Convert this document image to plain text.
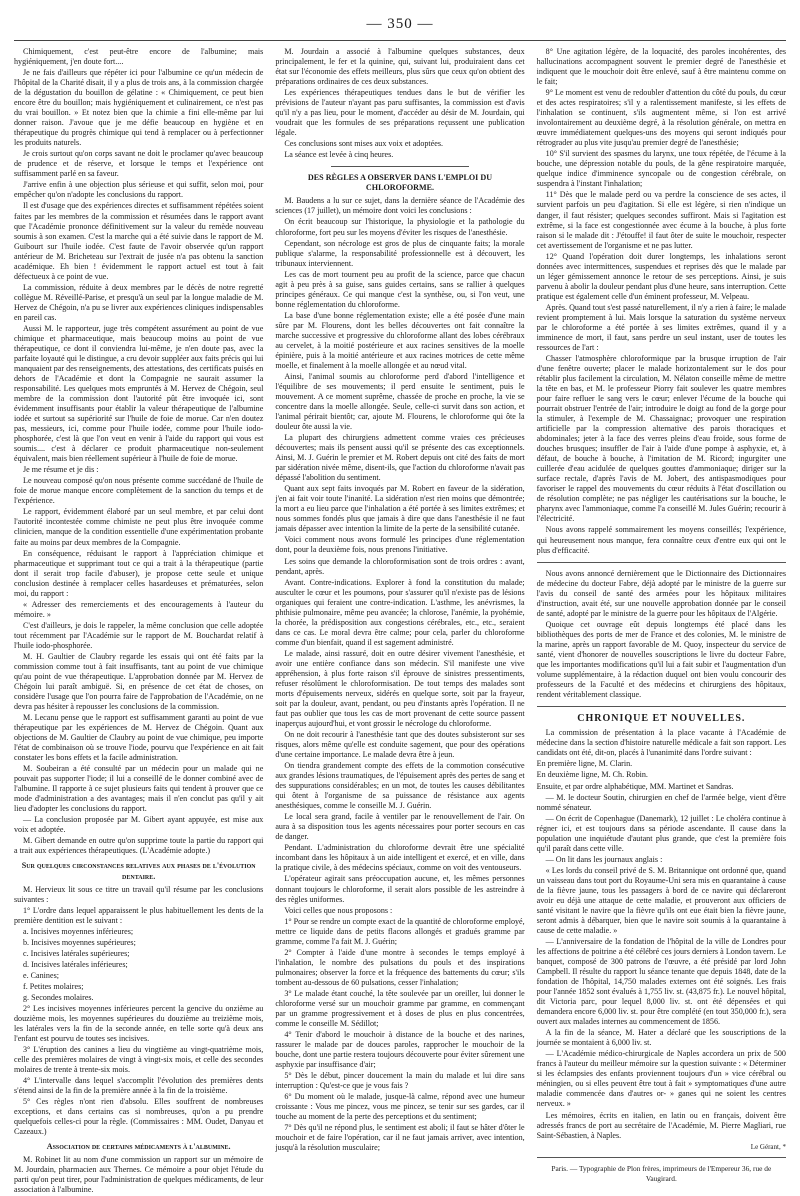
— 350 —

Chimiquement, c'est peut-être encore de l'albumine; mais hygiéniquement, j'en doute fort....

Je ne fais d'ailleurs que répéter ici pour l'albumine ce qu'un médecin de l'hôpital de la Charité disait, il y a plus de trois ans, à la commission chargée de la dégustation du bouillon de gélatine : « Chimiquement, ce peut bien encore être du bouillon; mais hygiéniquement et culinairement, ce n'est pas du vrai bouillon. » Et notez bien que la chimie a fini elle-même par lui donner raison. J'avoue que je me défie beaucoup en hygiène et en thérapeutique du progrès chimique qui tend à remplacer ou à perfectionner les produits naturels.

Je crois surtout qu'on corps savant ne doit le proclamer qu'avec beaucoup de prudence et de réserve, et lorsque le temps et l'expérience ont suffisamment parlé en sa faveur.

J'arrive enfin à une objection plus sérieuse et qui suffit, selon moi, pour empêcher qu'on n'adopte les conclusions du rapport.

Il est d'usage que des expériences directes et suffisamment répétées soient faites par les membres de la commission et résumées dans le rapport avant que l'Académie prononce définitivement sur la valeur du remède nouveau soumis à son examen. C'est la marche qui a été suivie dans le rapport de M. Guibourt sur l'huile iodée. C'est faute de l'avoir observée qu'un rapport antérieur de M. Bricheteau sur l'extrait de jusée n'a pas obtenu la sanction académique. Eh bien ! évidemment le rapport actuel est tout à fait défectueux à ce point de vue.

La commission, réduite à deux membres par le décès de notre regretté collègue M. Réveillé-Parise, et presqu'à un seul par la longue maladie de M. Hervez de Chégoin, n'a pu se livrer aux expériences cliniques indispensables en pareil cas.

Aussi M. le rapporteur, juge très compétent assurément au point de vue chimique et pharmaceutique, mais beaucoup moins au point de vue thérapeutique, ce dont il conviendra lui-même, je n'en doute pas, avec la parfaite loyauté qui le distingue, a cru devoir suppléer aux faits précis qui lui manquaient par des renseignements, des attestations, des certificats puisés en dehors de l'Académie et dont la Compagnie ne saurait assumer la responsabilité. Les quelques mots empruntés à M. Hervez de Chégoin, seul membre de la commission dont l'autorité pût être invoquée ici, sont évidemment insuffisants pour établir la valeur thérapeutique de l'albumine iodée et surtout sa supériorité sur l'huile de foie de morue. Car n'en doutez pas, messieurs, ici, comme pour l'huile iodée, comme pour l'huile iodo-phosphorée, c'est là que l'on veut en venir à l'aide du rapport qui vous est soumis.... c'est à déclarer ce produit pharmaceutique non-seulement équivalent, mais bien réellement supérieur à l'huile de foie de morue.

Je me résume et je dis :

Le nouveau composé qu'on nous présente comme succédané de l'huile de foie de morue manque encore complètement de la sanction du temps et de l'expérience.

Le rapport, évidemment élaboré par un seul membre, et par celui dont l'autorité incontestée comme chimiste ne peut plus être invoquée comme clinicien, manque de la condition essentielle d'une expérimentation probante faite au moins par deux membres de la Compagnie.

En conséquence, réduisant le rapport à l'appréciation chimique et pharmaceutique et supprimant tout ce qui a trait à la thérapeutique (partie dont il serait trop facile d'abuser), je propose cette seule et unique conclusion destinée à remplacer celles hasardeuses et prématurées, selon moi, du rapport :

« Adresser des remerciements et des encouragements à l'auteur du mémoire. »

C'est d'ailleurs, je dois le rappeler, la même conclusion que celle adoptée tout récemment par l'Académie sur le rapport de M. Bouchardat relatif à l'huile iodo-phosphorée.

M. H. Gaultier de Claubry regarde les essais qui ont été faits par la commission comme tout à fait insuffisants, tant au point de vue chimique qu'au point de vue thérapeutique. L'approbation donnée par M. Hervez de Chégoin lui paraît ambiguë. Si, en présence de cet état de choses, on considère l'usage que l'on pourra faire de l'approbation de l'Académie, on ne devra pas hésiter à repousser les conclusions de la commission.

M. Lecanu pense que le rapport est suffisamment garanti au point de vue thérapeutique par les expériences de M. Hervez de Chégoin. Quant aux objections de M. Gaultier de Claubry au point de vue chimique, peu importe l'état de combinaison où se trouve l'iode, pourvu que l'expérience en ait fait constater les bons effets et la facile administration.

M. Soubeiran a été consulté par un médecin pour un malade qui ne pouvait pas supporter l'iode; il lui a conseillé de le donner combiné avec de l'albumine. Il rapporte à ce sujet plusieurs faits qui tendent à prouver que ce mode d'administration a des avantages; mais il n'en conclut pas qu'il y ait lieu d'adopter les conclusions du rapport.

— La conclusion proposée par M. Gibert ayant appuyée, est mise aux voix et adoptée.

M. Gibert demande en outre qu'on supprime toute la partie du rapport qui a trait aux expériences thérapeutiques. (L'Académie adopte.)

Sur quelques circonstances relatives aux phases de l'évolution dentaire.

M. Hervieux lit sous ce titre un travail qu'il résume par les conclusions suivantes :

1° L'ordre dans lequel apparaissent le plus habituellement les dents de la première dentition est le suivant :

a. Incisives moyennes inférieures;

b. Incisives moyennes supérieures;

c. Incisives latérales supérieures;

d. Incisives latérales inférieures;

e. Canines;

f. Petites molaires;

g. Secondes molaires.

2° Les incisives moyennes inférieures percent la gencive du onzième au douzième mois, les moyennes supérieures du douzième au treizième mois, les latérales vers la fin de la seconde année, en telle sorte qu'à deux ans l'enfant est pourvu de toutes ses incisives.

3° L'éruption des canines a lieu du vingtième au vingt-quatrième mois, celle des premières molaires de vingt à vingt-six mois, et celle des secondes molaires de trente à trente-six mois.

4° L'intervalle dans lequel s'accomplit l'évolution des premières dents s'étend ainsi de la fin de la première année à la fin de la troisième.

5° Ces règles n'ont rien d'absolu. Elles souffrent de nombreuses exceptions, et dans certains cas si nombreuses, qu'on a pu prendre quelquefois celles-ci pour la règle. (Commissaires : MM. Oudet, Danyau et Cazeaux.)

Association de certains médicaments à l'albumine.

M. Robinet lit au nom d'une commission un rapport sur un mémoire de M. Jourdain, pharmacien aux Thernes. Ce mémoire a pour objet l'étude du parti qu'on peut tirer, pour l'administration de quelques médicaments, de leur association à l'albumine.

M. Jourdain a associé à l'albumine quelques substances, deux principalement, le fer et la quinine, qui, suivant lui, produiraient dans cet état sur l'économie des effets meilleurs, plus sûrs que ceux qu'on obtient des préparations ordinaires de ces deux substances.

Les expériences thérapeutiques tendues dans le but de vérifier les prévisions de l'auteur n'ayant pas paru suffisantes, la commission est d'avis qu'il n'y a pas lieu, pour le moment, d'accéder au désir de M. Jourdain, qui voudrait que les formules de ses préparations reçussent une publication légale.

Ces conclusions sont mises aux voix et adoptées.

La séance est levée à cinq heures.

DES RÈGLES A OBSERVER DANS L'EMPLOI DU CHLOROFORME.

M. Baudens a lu sur ce sujet, dans la dernière séance de l'Académie des sciences (17 juillet), un mémoire dont voici les conclusions :

On écrit beaucoup sur l'historique, la physiologie et la pathologie du chloroforme, fort peu sur les moyens d'éviter les risques de l'anesthésie.

Cependant, son nécrologe est gros de plus de cinquante faits; la morale publique s'alarme, la responsabilité professionnelle est à découvert, les tribunaux interviennent.

Les cas de mort tournent peu au profit de la science, parce que chacun agit à peu près à sa guise, sans guides certains, sans se rallier à quelques principes généraux. Ce qui manque c'est la synthèse, ou, si l'on veut, une bonne réglementation du chloroforme.

La base d'une bonne réglementation existe; elle a été posée d'une main sûre par M. Flourens, dont les belles découvertes ont fait connaître la marche successive et progressive du chloroforme allant des lobes cérébraux au cervelet, à la moitié postérieure et aux racines sensitives de la moelle épinière, puis à la moitié antérieure et aux racines motrices de cette même moelle, et finalement à la moelle allongée et au nœud vital.

Ainsi, l'animal soumis au chloroforme perd d'abord l'intelligence et l'équilibre de ses mouvements; il perd ensuite le sentiment, puis le mouvement. A ce moment suprême, chassée de proche en proche, la vie se concentre dans la moelle allongée. Seule, celle-ci survit dans son action, et l'animal périrait bientôt; car, ajoute M. Flourens, le chloroforme qui ôte la douleur ôte aussi la vie.

La plupart des chirurgiens admettent comme vraies ces précieuses découvertes; mais ils pensent aussi qu'il se présente des cas exceptionnels. Ainsi, M. J. Guérin le premier et M. Robert depuis ont cité des faits de mort par sidération nivée même, disent-ils, que l'action du chloroforme n'avait pas dépassé l'abolition du sentiment.

Quant aux sept faits invoqués par M. Robert en faveur de la sidération, j'en ai fait voir toute l'inanité. La sidération n'est rien moins que démontrée; la mort a eu lieu parce que l'inhalation a été portée à ses limites extrêmes; et nous sommes fondés plus que jamais à dire que dans l'anesthésie il ne faut jamais dépasser avec intention la limite de la perte de la sensibilité cutanée.

Voici comment nous avons formulé les principes d'une réglementation dont, pour la deuxième fois, nous prenons l'initiative.

Les soins que demande la chloroformisation sont de trois ordres : avant, pendant, après.

Avant. Contre-indications. Explorer à fond la constitution du malade; ausculter le cœur et les poumons, pour s'assurer qu'il n'existe pas de lésions organiques qui feraient une contre-indication. L'asthme, les anévrismes, la phthisie pulmonaire, même peu avancée; la chlorose, l'anémie, la pyohémie, la chorée, la prédisposition aux congestions cérébrales, etc., etc., seraient dans ce cas. Le moral devra être calme; pour cela, parler du chloroforme comme d'un bienfait, quand il est sagement administré.

Le malade, ainsi rassuré, doit en outre désirer vivement l'anesthésie, et avoir une entière confiance dans son médecin. S'il manifeste une vive appréhension, à plus forte raison s'il éprouve de sinistres pressentiments, refuser résolûment le chloroformisation. De tout temps des malades sont morts d'épuisements nerveux, sidérés en quelque sorte, soit par la frayeur, soit par la douleur, avant, pendant, ou peu d'instants après l'opération. Il ne faut pas oublier que tous les cas de mort provenant de cette source passent inaperçus aujourd'hui, et vont grossir le nécrologe du chloroforme.

On ne doit recourir à l'anesthésie tant que des doutes subsisteront sur ses risques, alors même qu'elle est conduite sagement, que pour des opérations d'une certaine importance. Le malade devra être à jeun.

On tiendra grandement compte des effets de la commotion consécutive aux grandes lésions traumatiques, de l'épuisement après des pertes de sang et des suppurations considérables; en un mot, de toutes les causes débilitantes qui ôtent à l'organisme de sa puissance de résistance aux agents anesthésiques, comme le conseille M. J. Guérin.

Le local sera grand, facile à ventiler par le renouvellement de l'air. On aura à sa disposition tous les agents nécessaires pour porter secours en cas de danger.

Pendant. L'administration du chloroforme devrait être une spécialité incombant dans les hôpitaux à un aide intelligent et exercé, et en ville, dans la pratique civile, à des médecins spéciaux, comme on voit des ventouseurs.

L'opérateur agirait sans préoccupation aucune, et, les mêmes personnes donnant toujours le chloroforme, il serait alors possible de les astreindre à des règles uniformes.

Voici celles que nous proposons :

1° Pour se rendre un compte exact de la quantité de chloroforme employé, mettre ce liquide dans de petits flacons allongés et gradués gramme par gramme, comme l'a fait M. J. Guérin;

2° Compter à l'aide d'une montre à secondes le temps employé à l'inhalation, le nombre des pulsations du pouls et des inspirations pulmonaires; observer la force et la fréquence des battements du cœur; s'ils tombent au-dessous de 60 pulsations, cesser l'inhalation;

3° Le malade étant couché, la tête soulevée par un oreiller, lui donner le chloroforme versé sur un mouchoir gramme par gramme, en commençant par un gramme progressivement et à doses de plus en plus concentrées, comme le conseille M. Sédillot;

4° Tenir d'abord le mouchoir à distance de la bouche et des narines, rassurer le malade par de douces paroles, rapprocher le mouchoir de la bouche, dont une partie restera toujours découverte pour éviter sûrement une asphyxie par insuffisance d'air;

5° Dès le début, pincer doucement la main du malade et lui dire sans interruption : Qu'est-ce que je vous fais ?

6° Du moment où le malade, jusque-là calme, répond avec une humeur croissante : Vous me pincez, vous me pincez, se tenir sur ses gardes, car il touche au moment de la perte des perceptions et du sentiment;

7° Dès qu'il ne répond plus, le sentiment est aboli; il faut se hâter d'ôter le mouchoir et de faire l'opération, car il ne faut jamais arriver, avec intention, jusqu'à la résolution musculaire;

8° Une agitation légère, de la loquacité, des paroles incohérentes, des hallucinations accompagnent souvent le premier degré de l'anesthésie et indiquent que le mouchoir doit être enlevé, sauf à être maintenu comme on le fait;

9° Le moment est venu de redoubler d'attention du côté du pouls, du cœur et des actes respiratoires; s'il y a ralentissement manifeste, si les effets de l'inhalation se continuent, s'ils augmentent même, si l'on est arrivé involontairement au deuxième degré, à la résolution générale, on mettra en œuvre immédiatement quelques-uns des moyens qui seront indiqués pour rétrograder au plus vite jusqu'au premier degré de l'anesthésie;

10° S'il survient des spasmes du larynx, une toux répétée, de l'écume à la bouche, une dépression notable du pouls, de la gêne respiratoire marquée, quelque indice d'imminence syncopale ou de congestion cérébrale, on suspendra à l'instant l'inhalation;

11° Dès que le malade perd ou va perdre la conscience de ses actes, il survient parfois un peu d'agitation. Si elle est légère, si rien n'indique un danger, il faut résister; quelques secondes suffiront. Mais si l'agitation est extrême, si la face est congestionnée avec écume à la bouche, à plus forte raison si le malade dit : J'étouffe! il faut ôter de suite le mouchoir, respecter cet avertissement de l'organisme et ne pas lutter.

12° Quand l'opération doit durer longtemps, les inhalations seront données avec intermittences, suspendues et reprises dès que le malade par un léger gémissement annonce le retour de ses perceptions. Ainsi, je suis parvenu à abolir la douleur pendant plus d'une heure, sans interruption. Cette pratique est également celle d'un éminent professeur, M. Velpeau.

Après. Quand tout s'est passé naturellement, il n'y a rien à faire; le malade revient promptement à lui. Mais lorsque la saturation du système nerveux par le chloroforme a été portée à ses limites extrêmes, quand il y a imminence de mort, il faut, sans perdre un seul instant, user de toutes les ressources de l'art :

Chasser l'atmosphère chloroformique par la brusque irruption de l'air d'une fenêtre ouverte; placer le malade horizontalement sur le dos pour rétablir plus facilement la circulation, M. Nélaton conseille même de mettre la tête en bas, et M. le professeur Piorry fait soulever les quatre membres pour faire refluer le sang vers le cœur; enlever l'écume de la bouche qui pourrait obstruer l'entrée de l'air; introduire le doigt au fond de la gorge pour la stimuler, à l'exemple de M. Chassaignac; provoquer une respiration artificielle par la compression alternative des parois thoraciques et abdominales; jeter à la face des verres pleins d'eau froide, sous forme de douches brusques; insuffler de l'air à l'aide d'une pompe à asphyxie, et, à défaut, de bouche à bouche, à l'imitation de M. Ricord; ingurgiter une cuillerée d'eau acidulée de quelques gouttes d'ammoniaque; diriger sur la surface rectale, d'après l'avis de M. Jobert, des antispasmodiques pour favoriser le rappel des mouvements du cœur réduits à l'état d'oscillation ou de résolution complète; ne pas négliger les cautérisations sur la bouche, le pharynx avec l'ammoniaque, comme l'a conseillé M. Jules Guérin; recourir à l'électricité.

Nous avons rappelé sommairement les moyens conseillés; l'expérience, qui heureusement nous manque, fera connaître ceux d'entre eux qui ont le plus d'efficacité.

Nous avons annoncé dernièrement que le Dictionnaire des Dictionnaires de médecine du docteur Fabre, déjà adopté par le ministre de la guerre sur l'avis du conseil de santé des armées pour les hôpitaux militaires d'instruction, avait été, sur une nouvelle approbation donnée par le conseil de santé, adopté par le ministre de la guerre pour les hôpitaux de l'Algérie.

Quoique cet ouvrage eût depuis longtemps été placé dans les bibliothèques des ports de mer de France et des colonies, M. le ministre de la marine, après un rapport favorable de M. Quoy, inspecteur du service de santé, vient d'honorer de nouvelles souscriptions le livre du docteur Fabre, que les importantes modifications qu'il lui a fait subir et l'augmentation d'un volume supplémentaire, à la rédaction duquel ont bien voulu concourir des professeurs de la Faculté et des médecins et chirurgiens des hôpitaux, rendent véritablement classique.

CHRONIQUE ET NOUVELLES.

La commission de présentation à la place vacante à l'Académie de médecine dans la section d'histoire naturelle médicale a fait son rapport. Les candidats ont été, dit-on, placés à l'unanimité dans l'ordre suivant :

En première ligne, M. Clarin.

En deuxième ligne, M. Ch. Robin.

Ensuite, et par ordre alphabétique, MM. Martinet et Sandras.

— M. le docteur Soutin, chirurgien en chef de l'armée belge, vient d'être nommé sénateur.

— On écrit de Copenhague (Danemark), 12 juillet : Le choléra continue à régner ici, et est toujours dans sa période ascendante. Il cause dans la population une inquiétude d'autant plus grande, que c'est la première fois qu'il paraît dans cette ville.

— On lit dans les journaux anglais :

« Les lords du conseil privé de S. M. Britannique ont ordonné que, quand un vaisseau dans tout port du Royaume-Uni sera mis en quarantaine à cause de la fièvre jaune, tous les passagers à bord de ce navire qui déclareront avoir eu déjà une attaque de cette maladie, et prouveront aux officiers de santé visitant le navire que la fièvre qu'ils ont eue était bien la fièvre jaune, seront admis à débarquer, bien que le navire soit soumis à la quarantaine à cause de cette maladie. »

— L'anniversaire de la fondation de l'hôpital de la ville de Londres pour les affections de poitrine a été célébré ces jours derniers à London tavern. Le banquet, composé de 300 patrons de l'œuvre, a été présidé par lord John Campbell. Il résulte du rapport lu séance tenante que depuis 1848, date de la fondation de l'hôpital, 14,750 malades externes ont été soignés. Les frais pour l'année 1852 sont évalués à 1,755 liv. st. (43,875 fr.). Le nouvel hôpital, dit Victoria parc, pour lequel 8,000 liv. st. ont été dépensées et qui demandera encore 6,000 liv. st. pour être complété (en tout 350,000 fr.), sera ouvert aux malades internes au commencement de 1856.

A la fin de la séance, M. Hater a déclaré que les souscriptions de la journée se montaient à 6,000 liv. st.

— L'Académie médico-chirurgicale de Naples accordera un prix de 500 francs à l'auteur du meilleur mémoire sur la question suivante : « Déterminer si les éclampsies des enfants proviennent toujours d'un » vice cérébral ou méningien, ou si elles peuvent être tout à fait » symptomatiques d'une autre maladie commencée dans d'autres or- » ganes qui ne soient les centres nerveux. »

Les mémoires, écrits en italien, en latin ou en français, doivent être adressés francs de port au secrétaire de l'Académie, M. Pierre Magliari, rue Saint-Sébastien, à Naples.

Le Gérant, *
Paris. — Typographie de Plon frères, imprimeurs de l'Empereur 36, rue de Vaugirard.
